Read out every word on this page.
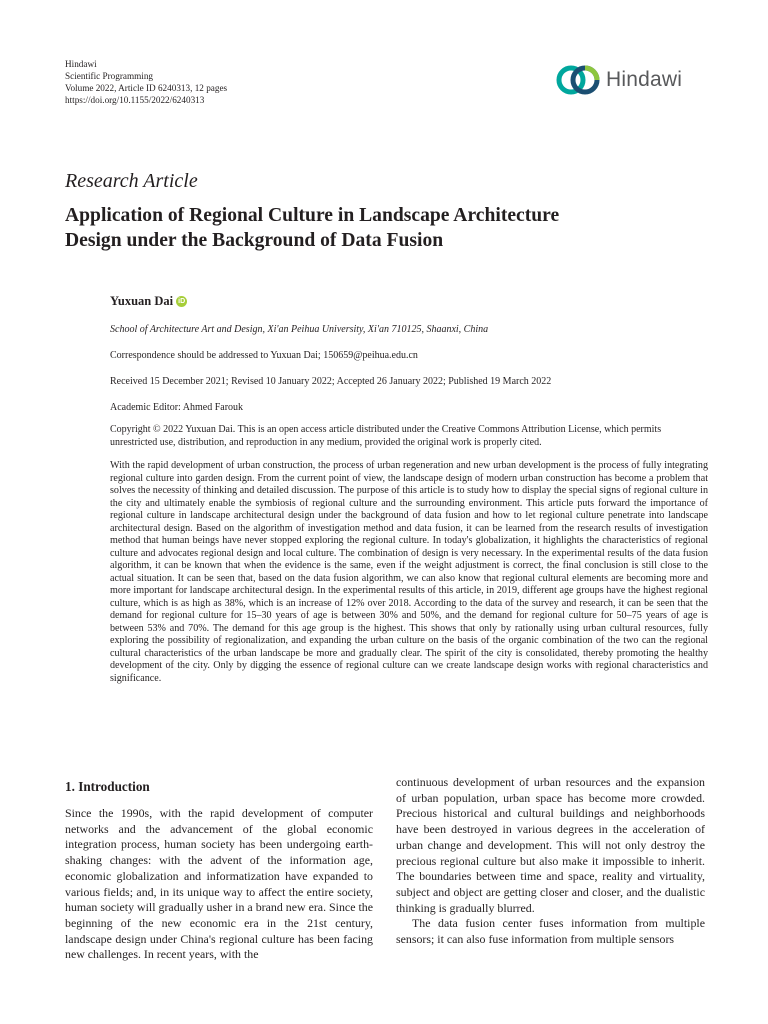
Hindawi
Scientific Programming
Volume 2022, Article ID 6240313, 12 pages
https://doi.org/10.1155/2022/6240313
Hindawi
Research Article
Application of Regional Culture in Landscape Architecture
Design under the Background of Data Fusion
Yuxuan Dai iD
School of Architecture Art and Design, Xi'an Peihua University, Xi'an 710125, Shaanxi, China
Correspondence should be addressed to Yuxuan Dai; 150659@peihua.edu.cn
Received 15 December 2021; Revised 10 January 2022; Accepted 26 January 2022; Published 19 March 2022
Academic Editor: Ahmed Farouk
Copyright © 2022 Yuxuan Dai. This is an open access article distributed under the Creative Commons Attribution License, which permits unrestricted use, distribution, and reproduction in any medium, provided the original work is properly cited.
With the rapid development of urban construction, the process of urban regeneration and new urban development is the process of fully integrating regional culture into garden design. From the current point of view, the landscape design of modern urban construction has become a problem that solves the necessity of thinking and detailed discussion. The purpose of this article is to study how to display the special signs of regional culture in the city and ultimately enable the symbiosis of regional culture and the surrounding environment. This article puts forward the importance of regional culture in landscape architectural design under the background of data fusion and how to let regional culture penetrate into landscape architectural design. Based on the algorithm of investigation method and data fusion, it can be learned from the research results of investigation method that human beings have never stopped exploring the regional culture. In today's globalization, it highlights the characteristics of regional culture and advocates regional design and local culture. The combination of design is very necessary. In the experimental results of the data fusion algorithm, it can be known that when the evidence is the same, even if the weight adjustment is correct, the final conclusion is still close to the actual situation. It can be seen that, based on the data fusion algorithm, we can also know that regional cultural elements are becoming more and more important for landscape architectural design. In the experimental results of this article, in 2019, different age groups have the highest regional culture, which is as high as 38%, which is an increase of 12% over 2018. According to the data of the survey and research, it can be seen that the demand for regional culture for 15–30 years of age is between 30% and 50%, and the demand for regional culture for 50–75 years of age is between 53% and 70%. The demand for this age group is the highest. This shows that only by rationally using urban cultural resources, fully exploring the possibility of regionalization, and expanding the urban culture on the basis of the organic combination of the two can the regional cultural characteristics of the urban landscape be more and gradually clear. The spirit of the city is consolidated, thereby promoting the healthy development of the city. Only by digging the essence of regional culture can we create landscape design works with regional characteristics and significance.
1. Introduction
Since the 1990s, with the rapid development of computer networks and the advancement of the global economic integration process, human society has been undergoing earth-shaking changes: with the advent of the information age, economic globalization and informatization have expanded to various fields; and, in its unique way to affect the entire society, human society will gradually usher in a brand new era. Since the beginning of the new economic era in the 21st century, landscape design under China's regional culture has been facing new challenges. In recent years, with the

continuous development of urban resources and the expansion of urban population, urban space has become more crowded. Precious historical and cultural buildings and neighborhoods have been destroyed in various degrees in the acceleration of urban change and development. This will not only destroy the precious regional culture but also make it impossible to inherit. The boundaries between time and space, reality and virtuality, subject and object are getting closer and closer, and the dualistic thinking is gradually blurred.

The data fusion center fuses information from multiple sensors; it can also fuse information from multiple sensors
